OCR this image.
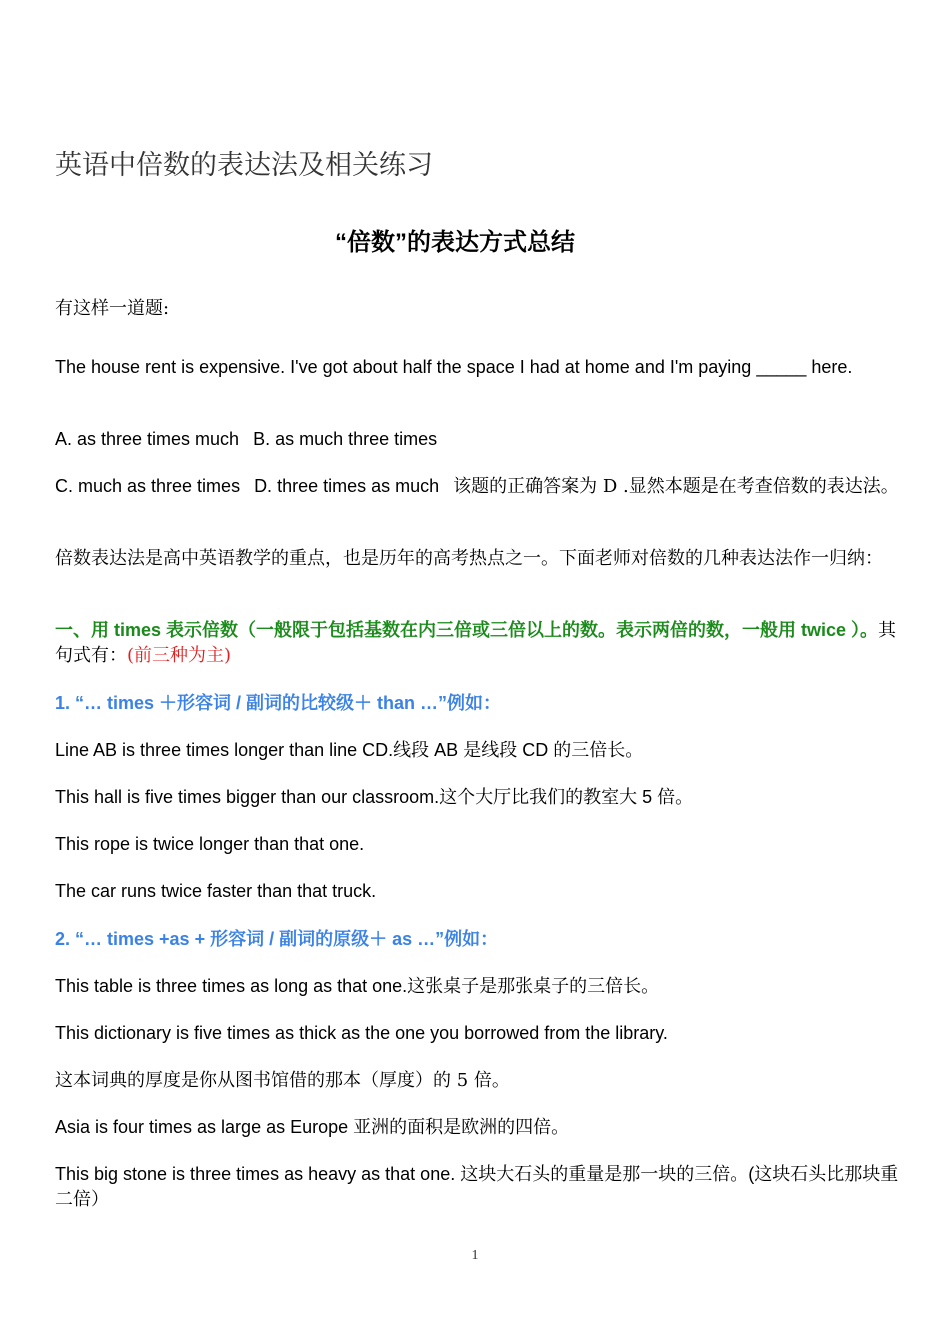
英语中倍数的表达法及相关练习
“倍数”的表达方式总结

有这样一道题:

The house rent is expensive. I've got about half the space I had at home and I'm paying _____ here.

A. as three times much B. as much three times

C. much as three times D. three times as much 该题的正确答案为 D .显然本题是在考查倍数的表达法。

倍数表达法是高中英语教学的重点，也是历年的高考热点之一。下面老师对倍数的几种表达法作一归纳：

一、用 times 表示倍数（一般限于包括基数在内三倍或三倍以上的数。表示两倍的数，一般用 twice ）。其句式有：(前三种为主)

1. “… times ＋形容词 / 副词的比较级＋ than …”例如：

Line AB is three times longer than line CD.线段 AB 是线段 CD 的三倍长。

This hall is five times bigger than our classroom.这个大厅比我们的教室大 5 倍。

This rope is twice longer than that one.

The car runs twice faster than that truck.

2. “… times +as + 形容词 / 副词的原级＋ as …”例如：

This table is three times as long as that one.这张桌子是那张桌子的三倍长。

This dictionary is five times as thick as the one you borrowed from the library.

这本词典的厚度是你从图书馆借的那本（厚度）的 5 倍。

Asia is four times as large as Europe 亚洲的面积是欧洲的四倍。

This big stone is three times as heavy as that one. 这块大石头的重量是那一块的三倍。(这块石头比那块重二倍）

1
